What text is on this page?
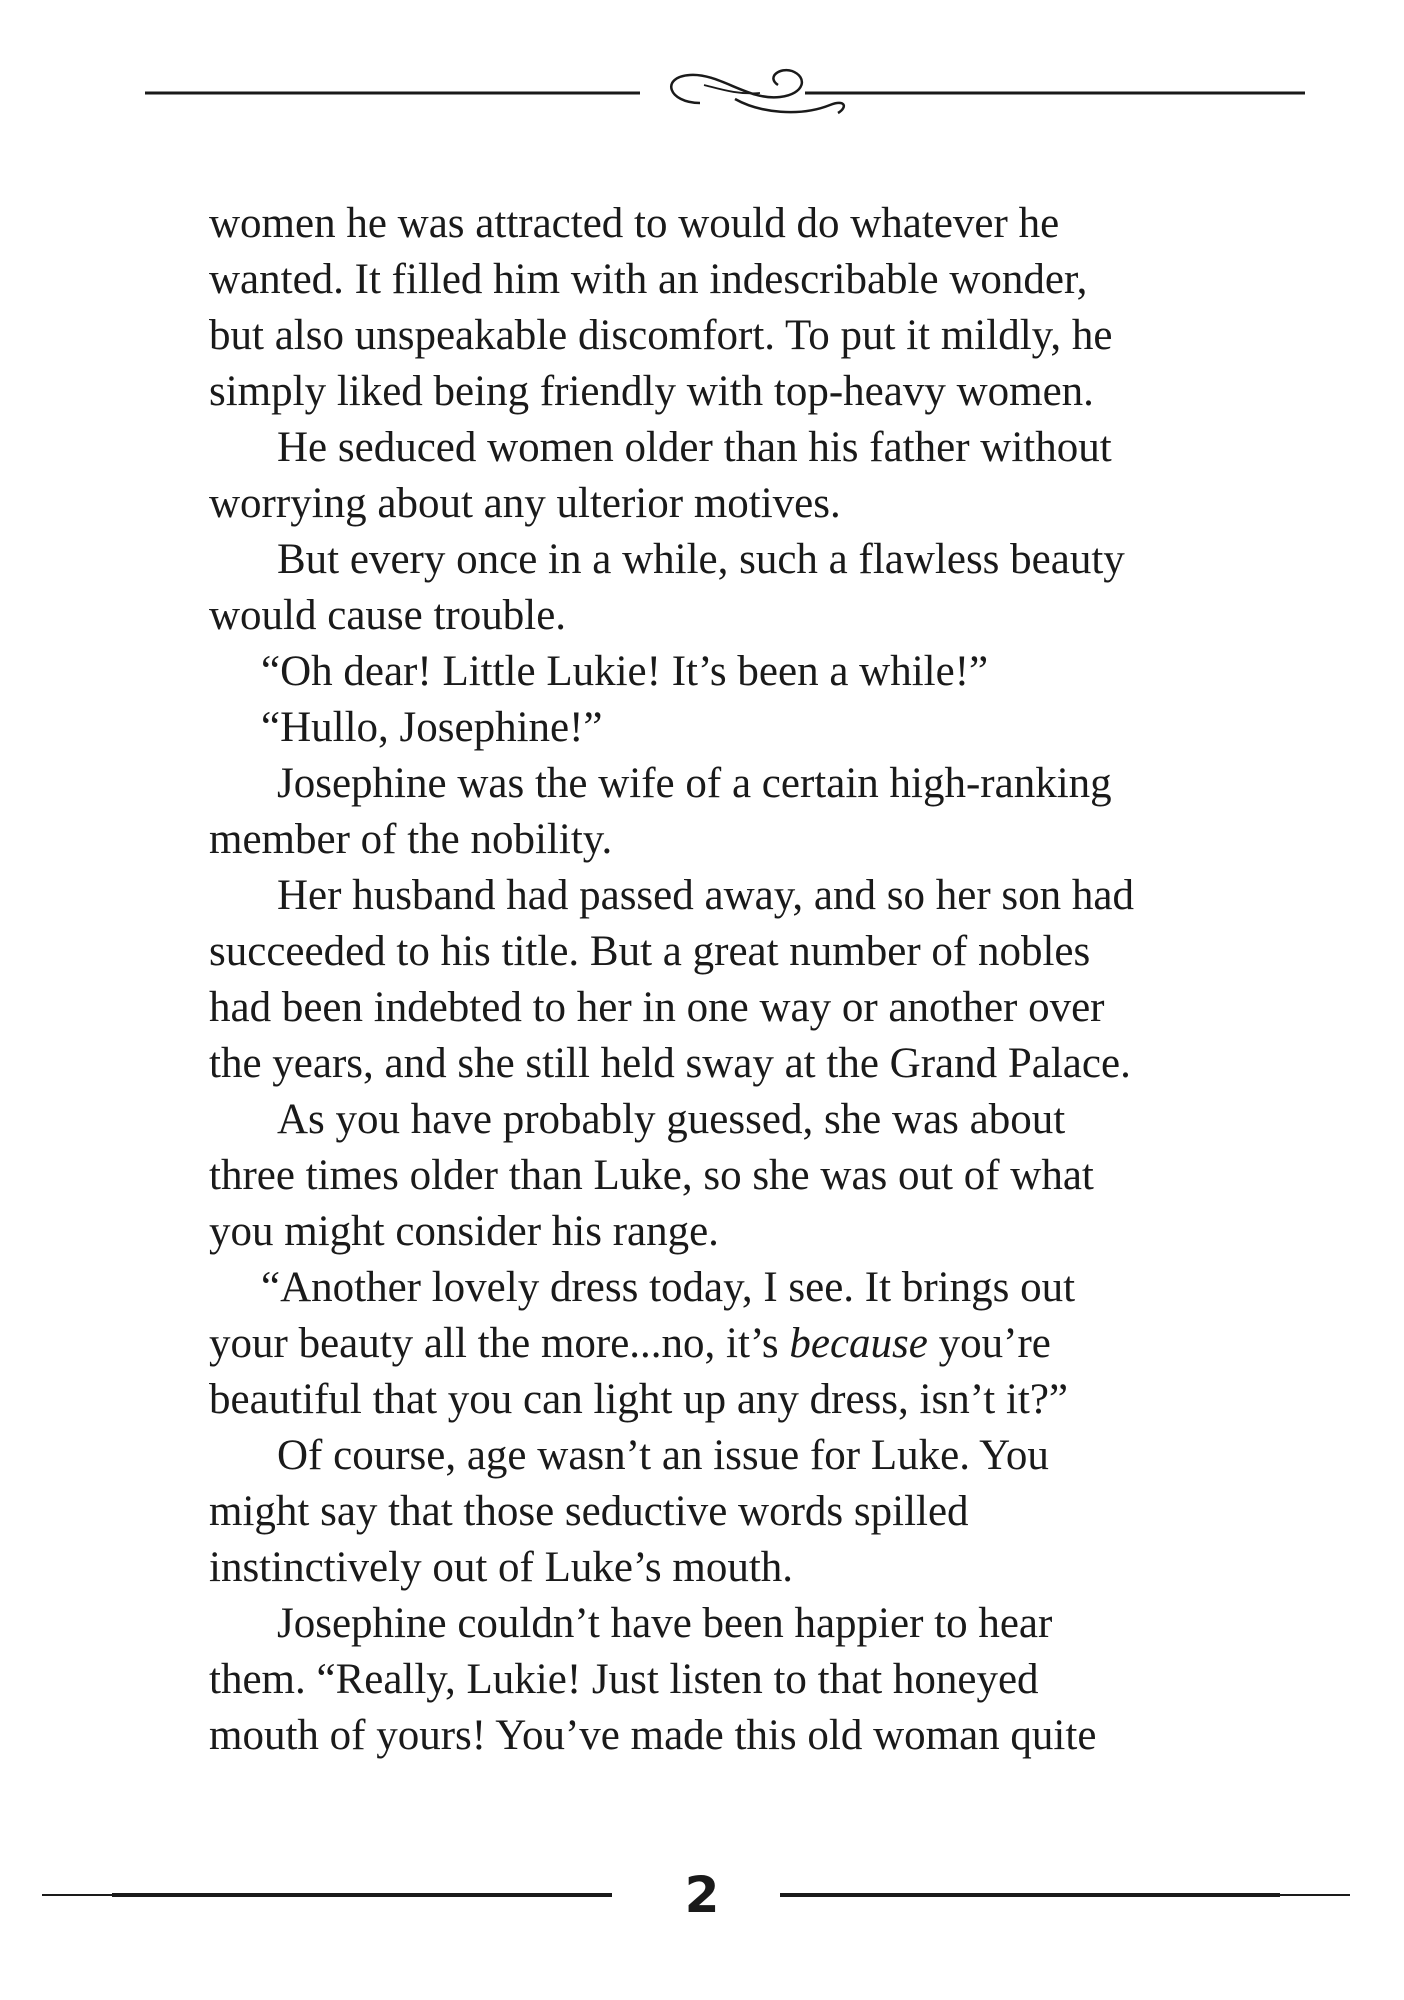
women he was attracted to would do whatever he
wanted. It filled him with an indescribable wonder,
but also unspeakable discomfort. To put it mildly, he
simply liked being friendly with top-heavy women.
He seduced women older than his father without
worrying about any ulterior motives.
But every once in a while, such a flawless beauty
would cause trouble.
“Oh dear! Little Lukie! It’s been a while!”
“Hullo, Josephine!”
Josephine was the wife of a certain high-ranking
member of the nobility.
Her husband had passed away, and so her son had
succeeded to his title. But a great number of nobles
had been indebted to her in one way or another over
the years, and she still held sway at the Grand Palace.
As you have probably guessed, she was about
three times older than Luke, so she was out of what
you might consider his range.
“Another lovely dress today, I see. It brings out
your beauty all the more...no, it’s because you’re
beautiful that you can light up any dress, isn’t it?”
Of course, age wasn’t an issue for Luke. You
might say that those seductive words spilled
instinctively out of Luke’s mouth.
Josephine couldn’t have been happier to hear
them. “Really, Lukie! Just listen to that honeyed
mouth of yours! You’ve made this old woman quite
2
